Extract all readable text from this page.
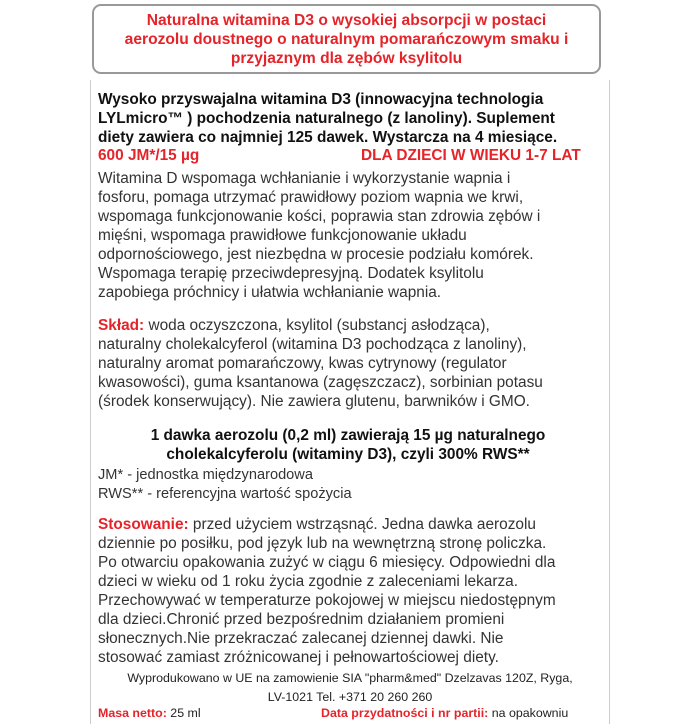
Naturalna witamina D3 o wysokiej absorpcji w postaci
aerozolu doustnego o naturalnym pomarańczowym smaku i
przyjaznym dla zębów ksylitolu
Wysoko przyswajalna witamina D3 (innowacyjna technologia
LYLmicro™ ) pochodzenia naturalnego (z lanoliny). Suplement
diety zawiera co najmniej 125 dawek. Wystarcza na 4 miesiące.
600 JM*/15 µg	DLA DZIECI W WIEKU 1-7 LAT
Witamina D wspomaga wchłanianie i wykorzystanie wapnia i
fosforu, pomaga utrzymać prawidłowy poziom wapnia we krwi,
wspomaga funkcjonowanie kości, poprawia stan zdrowia zębów i
mięśni, wspomaga prawidłowe funkcjonowanie układu
odpornościowego, jest niezbędna w procesie podziału komórek.
Wspomaga terapię przeciwdepresyjną. Dodatek ksylitolu
zapobiega próchnicy i ułatwia wchłanianie wapnia.
Skład: woda oczyszczona, ksylitol (substancj asłodząca),
naturalny cholekalcyferol (witamina D3 pochodząca z lanoliny),
naturalny aromat pomarańczowy, kwas cytrynowy (regulator
kwasowości), guma ksantanowa (zagęszczacz), sorbinian potasu
(środek konserwujący). Nie zawiera glutenu, barwników i GMO.
1 dawka aerozolu (0,2 ml) zawierają 15 µg naturalnego
cholekalcyferolu (witaminy D3), czyli 300% RWS**
JM* - jednostka międzynarodowa
RWS** - referencyjna wartość spożycia
Stosowanie: przed użyciem wstrząsnąć. Jedna dawka aerozolu
dziennie po posiłku, pod język lub na wewnętrzną stronę policzka.
Po otwarciu opakowania zużyć w ciągu 6 miesięcy. Odpowiedni dla
dzieci w wieku od 1 roku życia zgodnie z zaleceniami lekarza.
Przechowywać w temperaturze pokojowej w miejscu niedostępnym
dla dzieci.Chronić przed bezpośrednim działaniem promieni
słonecznych.Nie przekraczać zalecanej dziennej dawki. Nie
stosować zamiast zróżnicowanej i pełnowartościowej diety.
Wyprodukowano w UE na zamowienie SIA "pharm&med" Dzelzavas 120Z, Ryga,
LV-1021 Tel. +371 20 260 260
Masa netto: 25 ml	Data przydatności i nr partii: na opakowniu
